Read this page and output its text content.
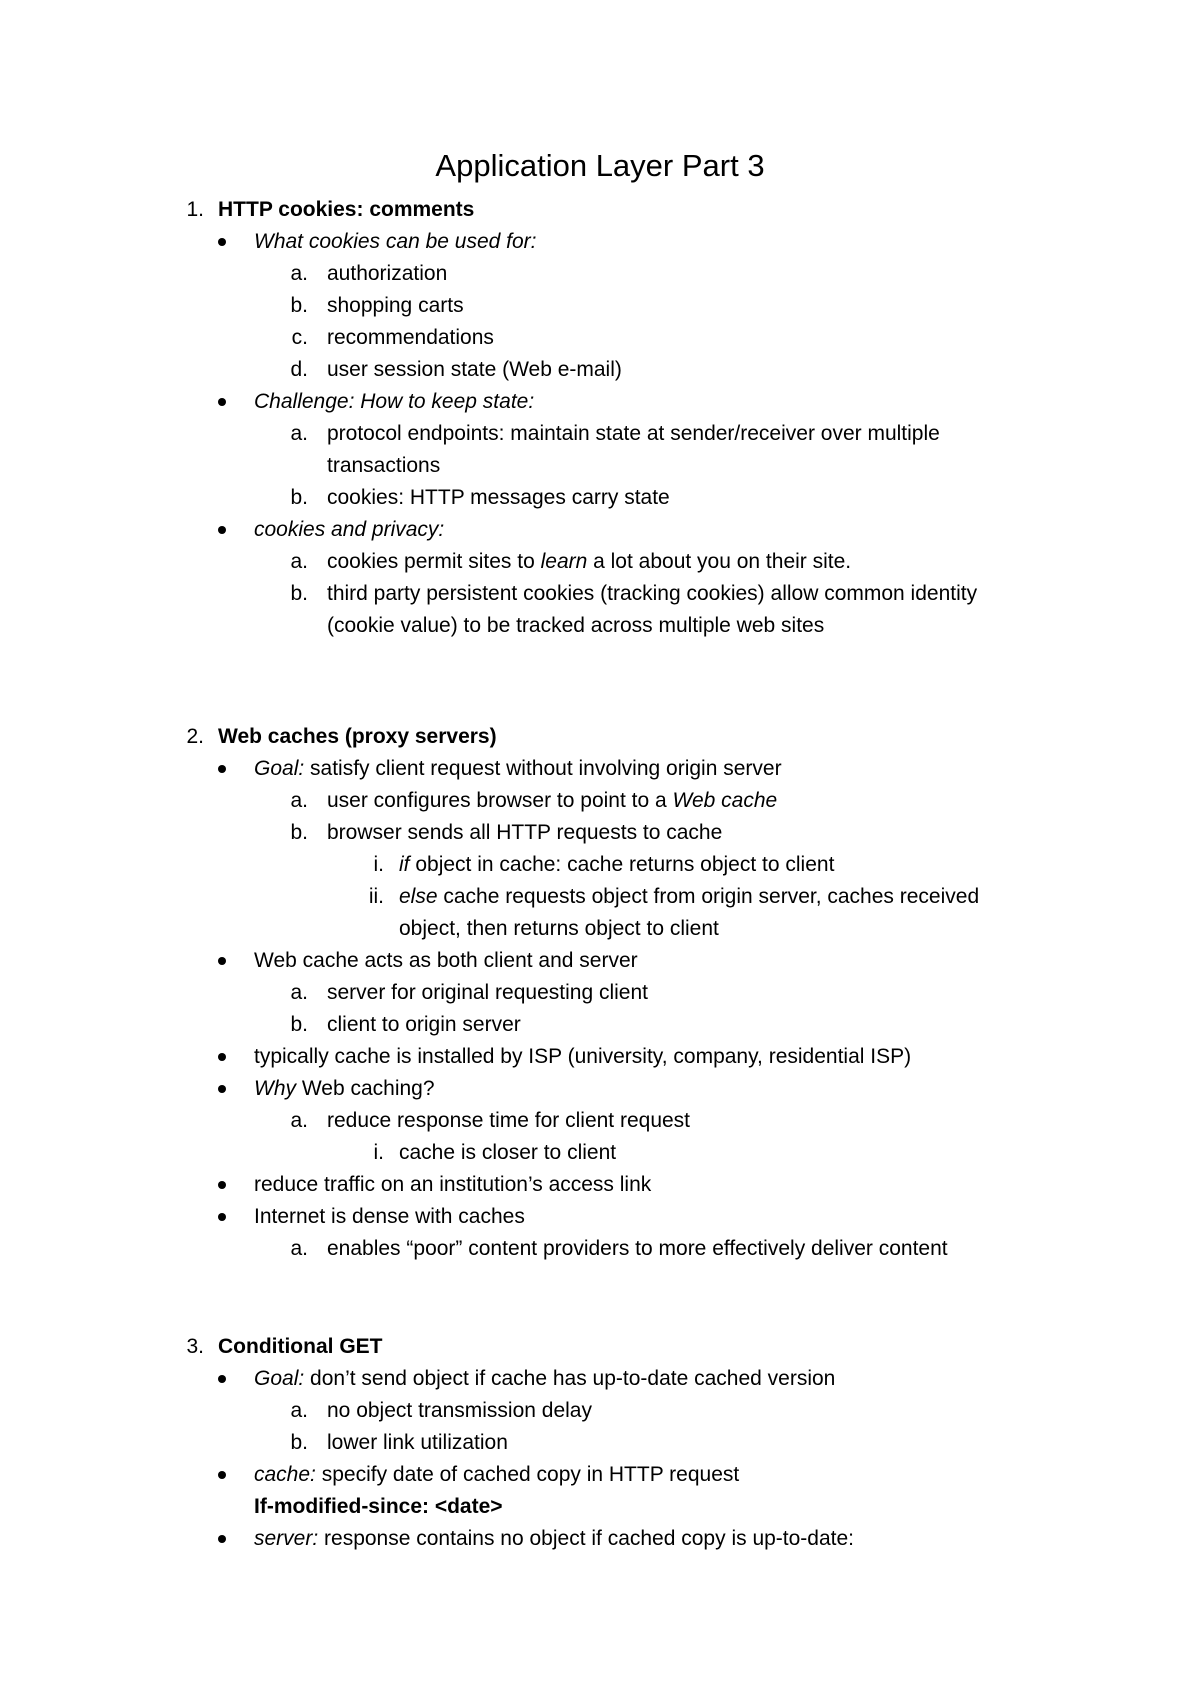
Application Layer Part 3
1. HTTP cookies: comments
What cookies can be used for:
a. authorization
b. shopping carts
c. recommendations
d. user session state (Web e-mail)
Challenge: How to keep state:
a. protocol endpoints: maintain state at sender/receiver over multiple
transactions
b. cookies: HTTP messages carry state
cookies and privacy:
a. cookies permit sites to learn a lot about you on their site.
b. third party persistent cookies (tracking cookies) allow common identity
(cookie value) to be tracked across multiple web sites
2. Web caches (proxy servers)
Goal: satisfy client request without involving origin server
a. user configures browser to point to a Web cache
b. browser sends all HTTP requests to cache
i. if object in cache: cache returns object to client
ii. else cache requests object from origin server, caches received
object, then returns object to client
Web cache acts as both client and server
a. server for original requesting client
b. client to origin server
typically cache is installed by ISP (university, company, residential ISP)
Why Web caching?
a. reduce response time for client request
i. cache is closer to client
reduce traffic on an institution’s access link
Internet is dense with caches
a. enables “poor” content providers to more effectively deliver content
3. Conditional GET
Goal: don’t send object if cache has up-to-date cached version
a. no object transmission delay
b. lower link utilization
cache: specify date of cached copy in HTTP request
If-modified-since: <date>
server: response contains no object if cached copy is up-to-date:
